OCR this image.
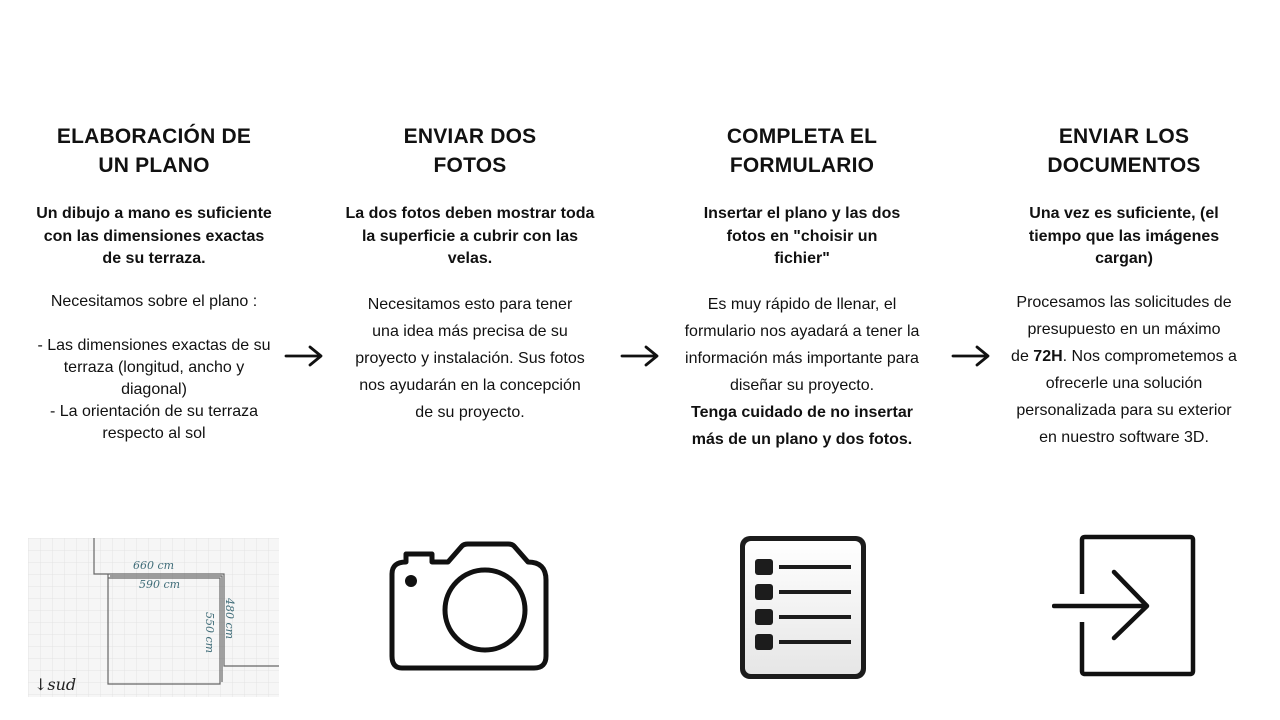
ELABORACIÓN DE
UN PLANO

Un dibujo a mano es suficiente
con las dimensiones exactas
de su terraza.

Necesitamos sobre el plano :

- Las dimensiones exactas de su
terraza (longitud, ancho y
diagonal)
- La orientación de su terraza
respecto al sol

ENVIAR DOS
FOTOS

La dos fotos deben mostrar toda
la superficie a cubrir con las
velas.

Necesitamos esto para tener
una idea más precisa de su
proyecto y instalación. Sus fotos
nos ayudarán en la concepción
de su proyecto.

COMPLETA EL
FORMULARIO

Insertar el plano y las dos
fotos en "choisir un
fichier"

Es muy rápido de llenar, el
formulario nos ayadará a tener la
información más importante para
diseñar su proyecto.

Tenga cuidado de no insertar
más de un plano y dos fotos.

ENVIAR LOS
DOCUMENTOS

Una vez es suficiente, (el
tiempo que las imágenes
cargan)

Procesamos las solicitudes de
presupuesto en un máximo
de 72H. Nos comprometemos a
ofrecerle una solución
personalizada para su exterior
en nuestro software 3D.

660 cm
590 cm
480 cm
550 cm
↓sud
